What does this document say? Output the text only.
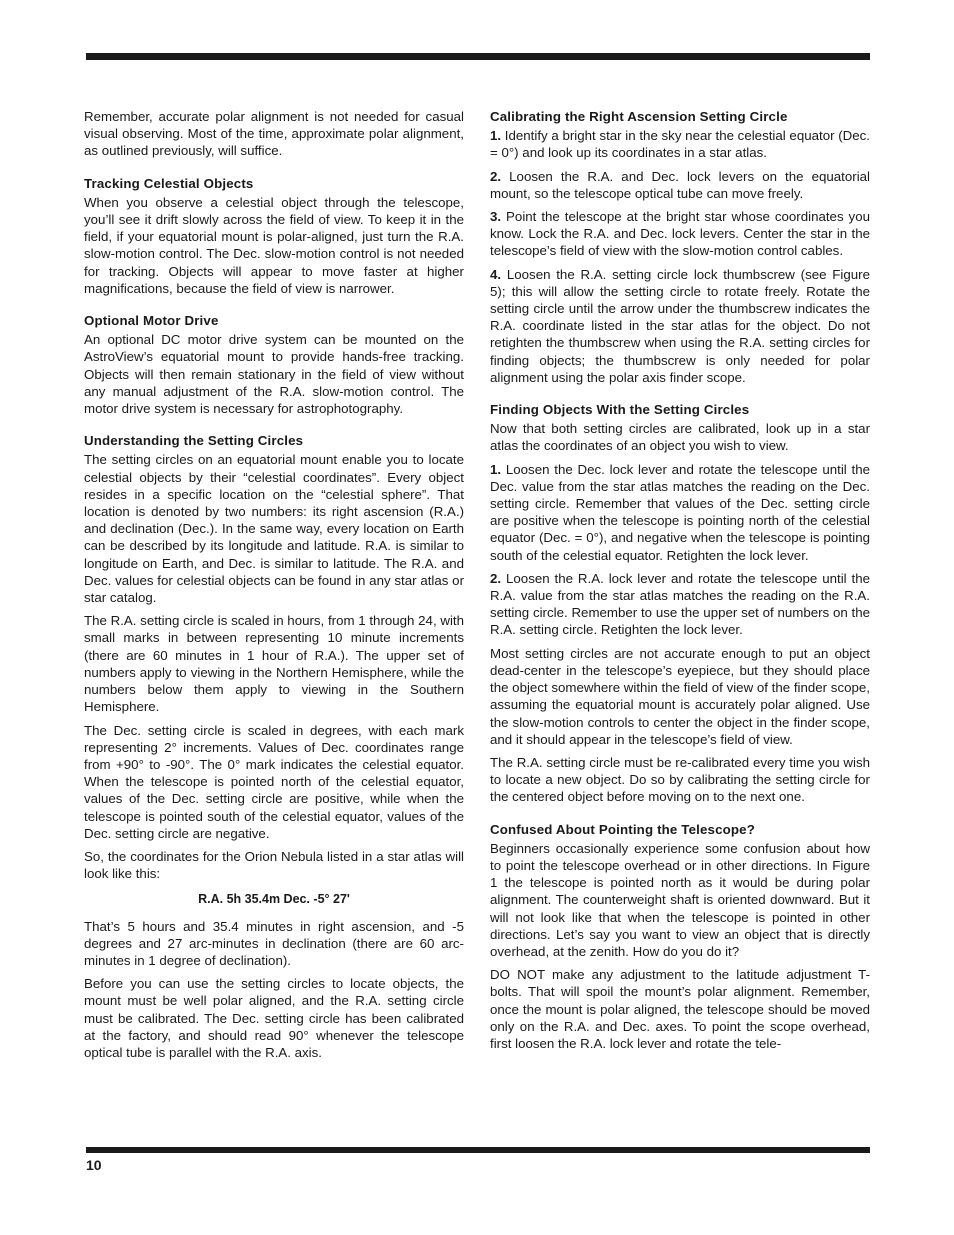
Remember, accurate polar alignment is not needed for casual visual observing. Most of the time, approximate polar alignment, as outlined previously, will suffice.

Tracking Celestial Objects

When you observe a celestial object through the telescope, you’ll see it drift slowly across the field of view. To keep it in the field, if your equatorial mount is polar-aligned, just turn the R.A. slow-motion control. The Dec. slow-motion control is not needed for tracking. Objects will appear to move faster at higher magnifications, because the field of view is narrower.

Optional Motor Drive

An optional DC motor drive system can be mounted on the AstroView’s equatorial mount to provide hands-free tracking. Objects will then remain stationary in the field of view without any manual adjustment of the R.A. slow-motion control. The motor drive system is necessary for astrophotography.

Understanding the Setting Circles

The setting circles on an equatorial mount enable you to locate celestial objects by their “celestial coordinates”. Every object resides in a specific location on the “celestial sphere”. That location is denoted by two numbers: its right ascension (R.A.) and declination (Dec.). In the same way, every location on Earth can be described by its longitude and latitude. R.A. is similar to longitude on Earth, and Dec. is similar to latitude. The R.A. and Dec. values for celestial objects can be found in any star atlas or star catalog.

The R.A. setting circle is scaled in hours, from 1 through 24, with small marks in between representing 10 minute increments (there are 60 minutes in 1 hour of R.A.). The upper set of numbers apply to viewing in the Northern Hemisphere, while the numbers below them apply to viewing in the Southern Hemisphere.

The Dec. setting circle is scaled in degrees, with each mark representing 2° increments. Values of Dec. coordinates range from +90° to -90°. The 0° mark indicates the celestial equator. When the telescope is pointed north of the celestial equator, values of the Dec. setting circle are positive, while when the telescope is pointed south of the celestial equator, values of the Dec. setting circle are negative.

So, the coordinates for the Orion Nebula listed in a star atlas will look like this:

R.A. 5h 35.4m Dec. -5° 27'

That’s 5 hours and 35.4 minutes in right ascension, and -5 degrees and 27 arc-minutes in declination (there are 60 arc-minutes in 1 degree of declination).

Before you can use the setting circles to locate objects, the mount must be well polar aligned, and the R.A. setting circle must be calibrated. The Dec. setting circle has been calibrated at the factory, and should read 90° whenever the telescope optical tube is parallel with the R.A. axis.

Calibrating the Right Ascension Setting Circle

1. Identify a bright star in the sky near the celestial equator (Dec. = 0°) and look up its coordinates in a star atlas.

2. Loosen the R.A. and Dec. lock levers on the equatorial mount, so the telescope optical tube can move freely.

3. Point the telescope at the bright star whose coordinates you know. Lock the R.A. and Dec. lock levers. Center the star in the telescope’s field of view with the slow-motion control cables.

4. Loosen the R.A. setting circle lock thumbscrew (see Figure 5); this will allow the setting circle to rotate freely. Rotate the setting circle until the arrow under the thumbscrew indicates the R.A. coordinate listed in the star atlas for the object. Do not retighten the thumbscrew when using the R.A. setting circles for finding objects; the thumbscrew is only needed for polar alignment using the polar axis finder scope.

Finding Objects With the Setting Circles

Now that both setting circles are calibrated, look up in a star atlas the coordinates of an object you wish to view.

1. Loosen the Dec. lock lever and rotate the telescope until the Dec. value from the star atlas matches the reading on the Dec. setting circle. Remember that values of the Dec. setting circle are positive when the telescope is pointing north of the celestial equator (Dec. = 0°), and negative when the telescope is pointing south of the celestial equator. Retighten the lock lever.

2. Loosen the R.A. lock lever and rotate the telescope until the R.A. value from the star atlas matches the reading on the R.A. setting circle. Remember to use the upper set of numbers on the R.A. setting circle. Retighten the lock lever.

Most setting circles are not accurate enough to put an object dead-center in the telescope’s eyepiece, but they should place the object somewhere within the field of view of the finder scope, assuming the equatorial mount is accurately polar aligned. Use the slow-motion controls to center the object in the finder scope, and it should appear in the telescope’s field of view.

The R.A. setting circle must be re-calibrated every time you wish to locate a new object. Do so by calibrating the setting circle for the centered object before moving on to the next one.

Confused About Pointing the Telescope?

Beginners occasionally experience some confusion about how to point the telescope overhead or in other directions. In Figure 1 the telescope is pointed north as it would be during polar alignment. The counterweight shaft is oriented downward. But it will not look like that when the telescope is pointed in other directions. Let’s say you want to view an object that is directly overhead, at the zenith. How do you do it?

DO NOT make any adjustment to the latitude adjustment T-bolts. That will spoil the mount’s polar alignment. Remember, once the mount is polar aligned, the telescope should be moved only on the R.A. and Dec. axes. To point the scope overhead, first loosen the R.A. lock lever and rotate the tele-

10
